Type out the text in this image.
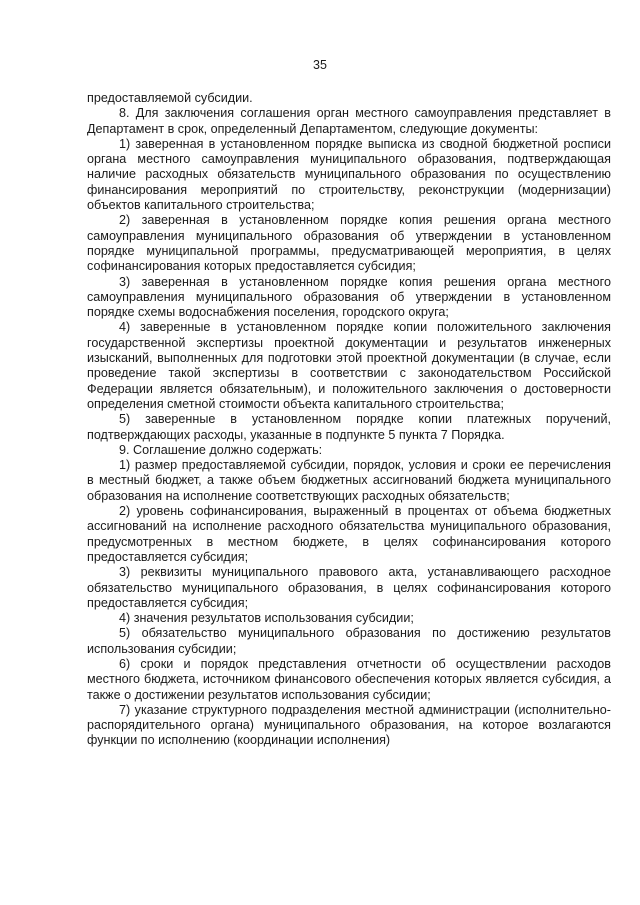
35

предоставляемой субсидии.

8. Для заключения соглашения орган местного самоуправления представляет в Департамент в срок, определенный Департаментом, следующие документы:

1) заверенная в установленном порядке выписка из сводной бюджетной росписи органа местного самоуправления муниципального образования, подтверждающая наличие расходных обязательств муниципального образования по осуществлению финансирования мероприятий по строительству, реконструкции (модернизации) объектов капитального строительства;

2) заверенная в установленном порядке копия решения органа местного самоуправления муниципального образования об утверждении в установленном порядке муниципальной программы, предусматривающей мероприятия, в целях софинансирования которых предоставляется субсидия;

3) заверенная в установленном порядке копия решения органа местного самоуправления муниципального образования об утверждении в установленном порядке схемы водоснабжения поселения, городского округа;

4) заверенные в установленном порядке копии положительного заключения государственной экспертизы проектной документации и результатов инженерных изысканий, выполненных для подготовки этой проектной документации (в случае, если проведение такой экспертизы в соответствии с законодательством Российской Федерации является обязательным), и положительного заключения о достоверности определения сметной стоимости объекта капитального строительства;

5) заверенные в установленном порядке копии платежных поручений, подтверждающих расходы, указанные в подпункте 5 пункта 7 Порядка.

9. Соглашение должно содержать:

1) размер предоставляемой субсидии, порядок, условия и сроки ее перечисления в местный бюджет, а также объем бюджетных ассигнований бюджета муниципального образования на исполнение соответствующих расходных обязательств;

2) уровень софинансирования, выраженный в процентах от объема бюджетных ассигнований на исполнение расходного обязательства муниципального образования, предусмотренных в местном бюджете, в целях софинансирования которого предоставляется субсидия;

3) реквизиты муниципального правового акта, устанавливающего расходное обязательство муниципального образования, в целях софинансирования которого предоставляется субсидия;

4) значения результатов использования субсидии;

5) обязательство муниципального образования по достижению результатов использования субсидии;

6) сроки и порядок представления отчетности об осуществлении расходов местного бюджета, источником финансового обеспечения которых является субсидия, а также о достижении результатов использования субсидии;

7) указание структурного подразделения местной администрации (исполнительно-распорядительного органа) муниципального образования, на которое возлагаются функции по исполнению (координации исполнения)
